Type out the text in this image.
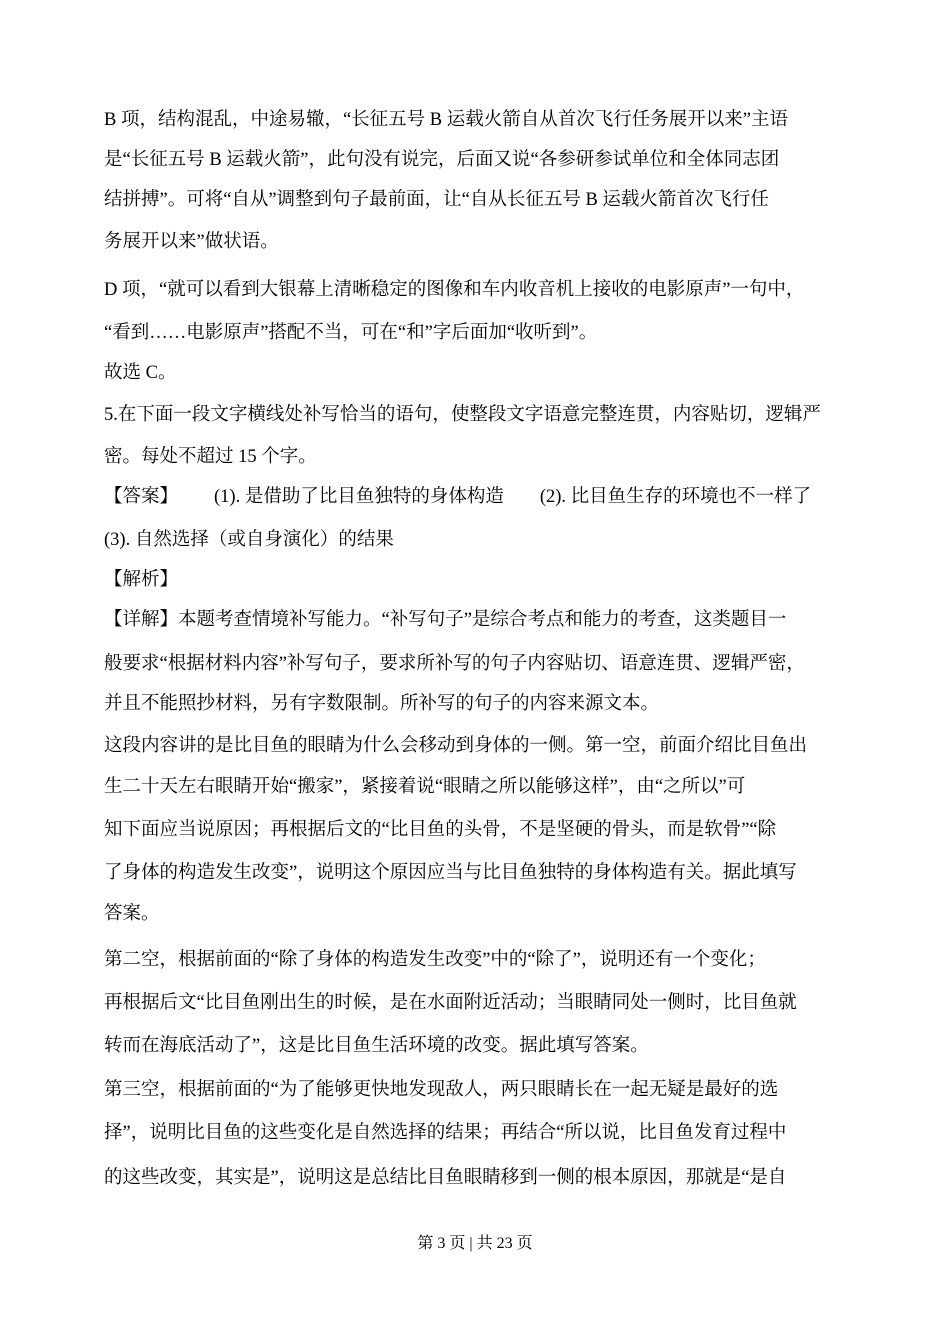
B 项，结构混乱，中途易辙，“长征五号 B 运载火箭自从首次飞行任务展开以来”主语
是“长征五号 B 运载火箭”，此句没有说完，后面又说“各参研参试单位和全体同志团
结拼搏”。可将“自从”调整到句子最前面，让“自从长征五号 B 运载火箭首次飞行任
务展开以来”做状语。
D 项，“就可以看到大银幕上清晰稳定的图像和车内收音机上接收的电影原声”一句中，
“看到……电影原声”搭配不当，可在“和”字后面加“收听到”。
故选 C。
5.在下面一段文字横线处补写恰当的语句，使整段文字语意完整连贯，内容贴切，逻辑严
密。每处不超过 15 个字。
【答案】 (1). 是借助了比目鱼独特的身体构造 (2). 比目鱼生存的环境也不一样了
(3). 自然选择（或自身演化）的结果
【解析】
【详解】本题考查情境补写能力。“补写句子”是综合考点和能力的考查，这类题目一
般要求“根据材料内容”补写句子，要求所补写的句子内容贴切、语意连贯、逻辑严密，
并且不能照抄材料，另有字数限制。所补写的句子的内容来源文本。
这段内容讲的是比目鱼的眼睛为什么会移动到身体的一侧。第一空，前面介绍比目鱼出
生二十天左右眼睛开始“搬家”，紧接着说“眼睛之所以能够这样”，由“之所以”可
知下面应当说原因；再根据后文的“比目鱼的头骨，不是坚硬的骨头，而是软骨”“除
了身体的构造发生改变”，说明这个原因应当与比目鱼独特的身体构造有关。据此填写
答案。
第二空，根据前面的“除了身体的构造发生改变”中的“除了”，说明还有一个变化；
再根据后文“比目鱼刚出生的时候，是在水面附近活动；当眼睛同处一侧时，比目鱼就
转而在海底活动了”，这是比目鱼生活环境的改变。据此填写答案。
第三空，根据前面的“为了能够更快地发现敌人，两只眼睛长在一起无疑是最好的选
择”，说明比目鱼的这些变化是自然选择的结果；再结合“所以说，比目鱼发育过程中
的这些改变，其实是”，说明这是总结比目鱼眼睛移到一侧的根本原因，那就是“是自
第 3 页 | 共 23 页
